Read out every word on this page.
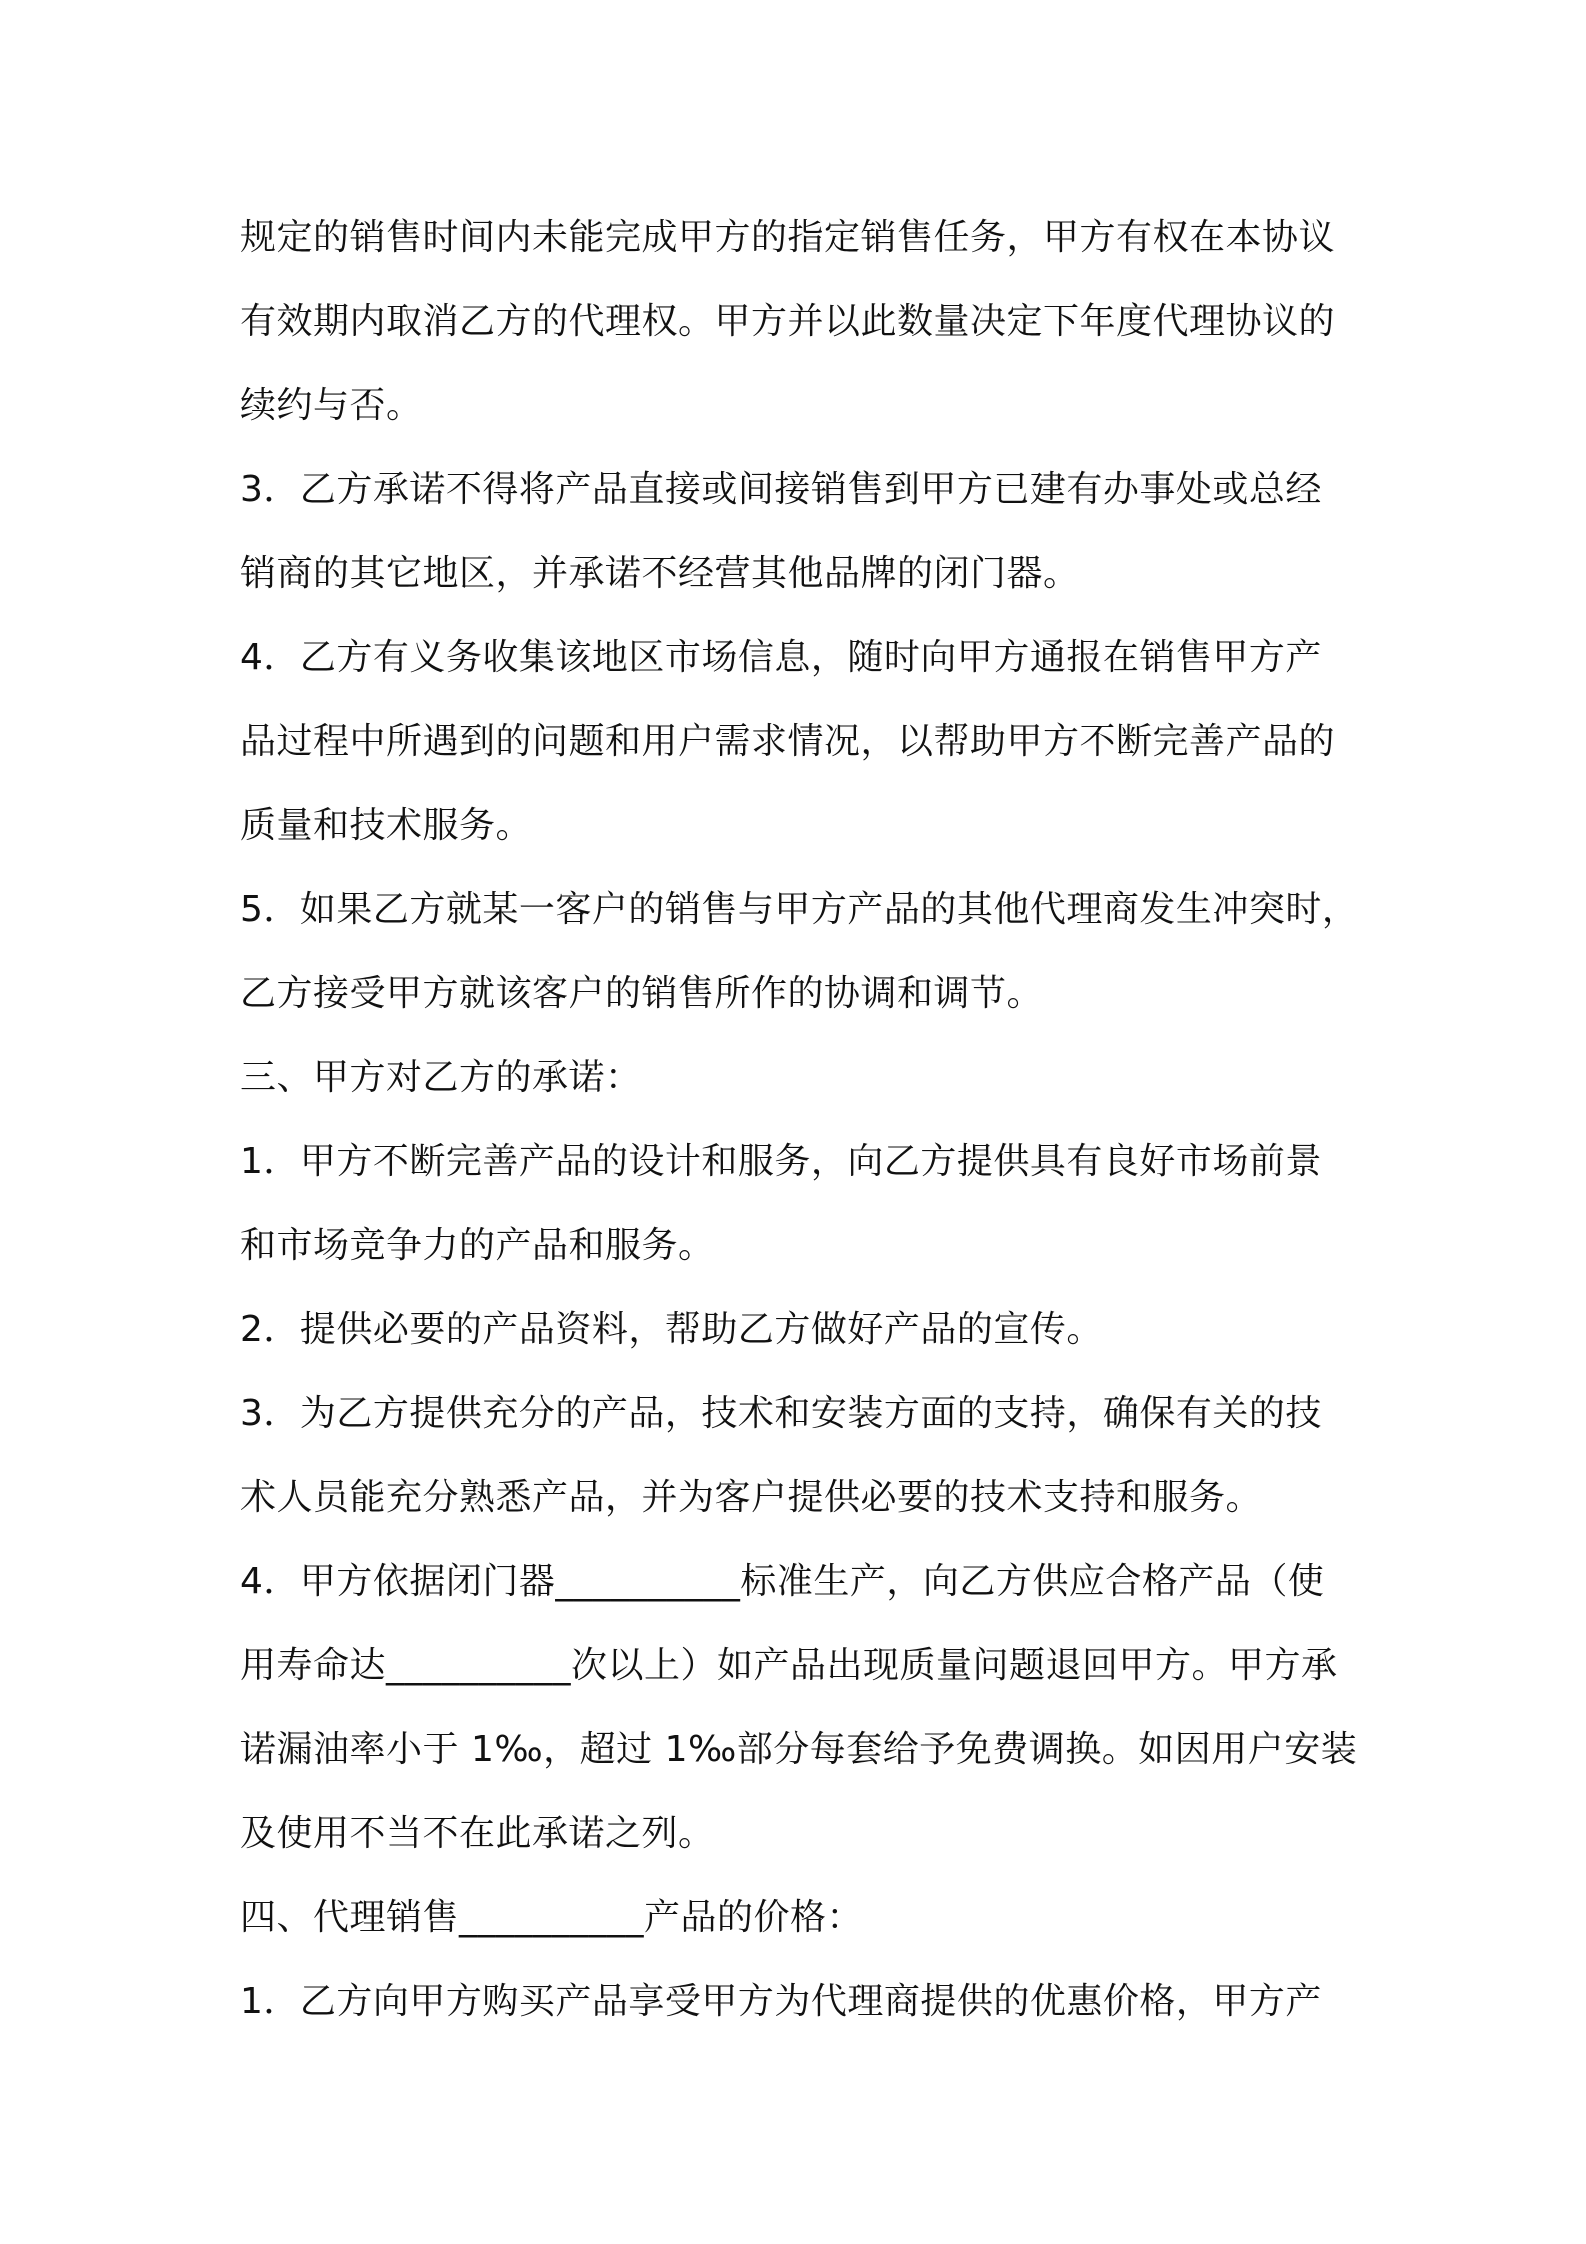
规定的销售时间内未能完成甲方的指定销售任务，甲方有权在本协议
有效期内取消乙方的代理权。甲方并以此数量决定下年度代理协议的
续约与否。
3．乙方承诺不得将产品直接或间接销售到甲方已建有办事处或总经
销商的其它地区，并承诺不经营其他品牌的闭门器。
4．乙方有义务收集该地区市场信息，随时向甲方通报在销售甲方产
品过程中所遇到的问题和用户需求情况，以帮助甲方不断完善产品的
质量和技术服务。
5．如果乙方就某一客户的销售与甲方产品的其他代理商发生冲突时，
乙方接受甲方就该客户的销售所作的协调和调节。
三、甲方对乙方的承诺：
1．甲方不断完善产品的设计和服务，向乙方提供具有良好市场前景
和市场竞争力的产品和服务。
2．提供必要的产品资料，帮助乙方做好产品的宣传。
3．为乙方提供充分的产品，技术和安装方面的支持，确保有关的技
术人员能充分熟悉产品，并为客户提供必要的技术支持和服务。
4．甲方依据闭门器__________标准生产，向乙方供应合格产品（使
用寿命达__________次以上）如产品出现质量问题退回甲方。甲方承
诺漏油率小于 1‰，超过 1‰部分每套给予免费调换。如因用户安装
及使用不当不在此承诺之列。
四、代理销售__________产品的价格：
1．乙方向甲方购买产品享受甲方为代理商提供的优惠价格，甲方产
